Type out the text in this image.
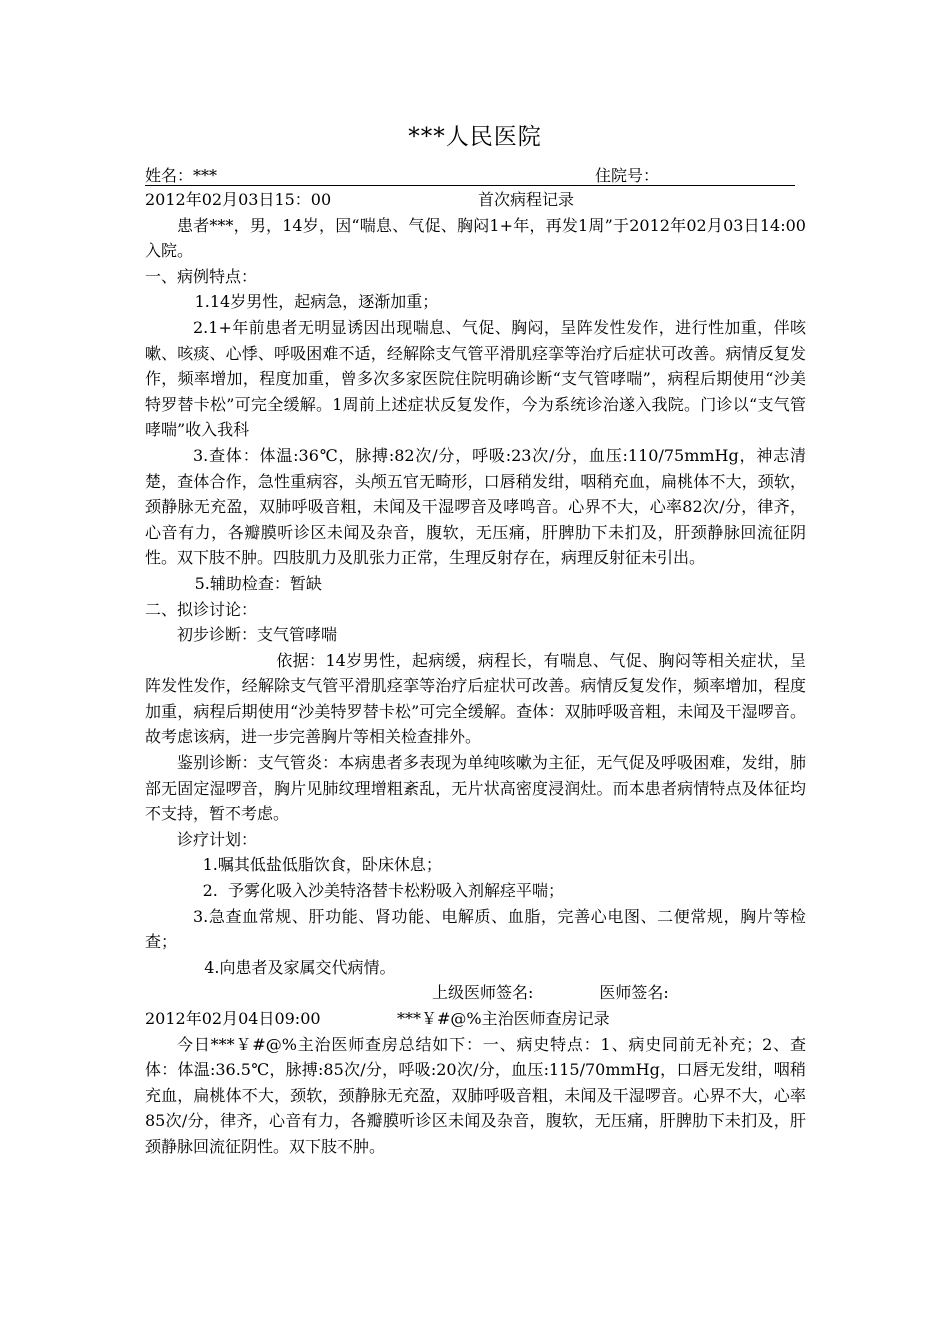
***人民医院
姓名：***	住院号：
2012年02月03日15：00	首次病程记录

患者***，男，14岁，因“喘息、气促、胸闷1+年，再发1周”于2012年02月03日14:00入院。

一、病例特点：

1.14岁男性，起病急，逐渐加重；

2.1+年前患者无明显诱因出现喘息、气促、胸闷，呈阵发性发作，进行性加重，伴咳嗽、咳痰、心悸、呼吸困难不适，经解除支气管平滑肌痉挛等治疗后症状可改善。病情反复发作，频率增加，程度加重，曾多次多家医院住院明确诊断“支气管哮喘”，病程后期使用“沙美特罗替卡松”可完全缓解。1周前上述症状反复发作，今为系统诊治遂入我院。门诊以“支气管哮喘”收入我科

3.查体：体温:36℃，脉搏:82次/分，呼吸:23次/分，血压:110/75mmHg，神志清楚，查体合作，急性重病容，头颅五官无畸形，口唇稍发绀，咽稍充血，扁桃体不大，颈软，颈静脉无充盈，双肺呼吸音粗，未闻及干湿啰音及哮鸣音。心界不大，心率82次/分，律齐，心音有力，各瓣膜听诊区未闻及杂音，腹软，无压痛，肝脾肋下未扪及，肝颈静脉回流征阴性。双下肢不肿。四肢肌力及肌张力正常，生理反射存在，病理反射征未引出。

5.辅助检查：暂缺

二、拟诊讨论：

初步诊断：支气管哮喘

依据：14岁男性，起病缓，病程长，有喘息、气促、胸闷等相关症状，呈阵发性发作，经解除支气管平滑肌痉挛等治疗后症状可改善。病情反复发作，频率增加，程度加重，病程后期使用“沙美特罗替卡松”可完全缓解。查体：双肺呼吸音粗，未闻及干湿啰音。故考虑该病，进一步完善胸片等相关检查排外。

鉴别诊断：支气管炎：本病患者多表现为单纯咳嗽为主征，无气促及呼吸困难，发绀，肺部无固定湿啰音，胸片见肺纹理增粗紊乱，无片状高密度浸润灶。而本患者病情特点及体征均不支持，暂不考虑。

诊疗计划：

1.嘱其低盐低脂饮食，卧床休息；

2.  予雾化吸入沙美特洛替卡松粉吸入剂解痉平喘；

3.急查血常规、肝功能、肾功能、电解质、血脂，完善心电图、二便常规，胸片等检查；

4.向患者及家属交代病情。

上级医师签名:	医师签名:
2012年02月04日09:00	***￥#@%主治医师查房记录

今日***￥#@%主治医师查房总结如下：一、病史特点：1、病史同前无补充；2、查体：体温:36.5℃，脉搏:85次/分，呼吸:20次/分，血压:115/70mmHg，口唇无发绀，咽稍充血，扁桃体不大，颈软，颈静脉无充盈，双肺呼吸音粗，未闻及干湿啰音。心界不大，心率85次/分，律齐，心音有力，各瓣膜听诊区未闻及杂音，腹软，无压痛，肝脾肋下未扪及，肝颈静脉回流征阴性。双下肢不肿。
